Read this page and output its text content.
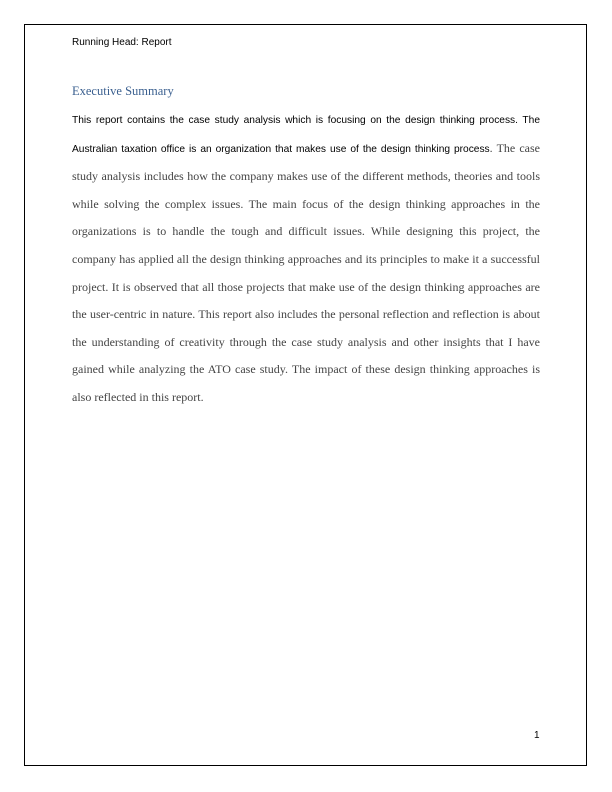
Running Head: Report
Executive Summary

This report contains the case study analysis which is focusing on the design thinking process. The Australian taxation office is an organization that makes use of the design thinking process. The case study analysis includes how the company makes use of the different methods, theories and tools while solving the complex issues. The main focus of the design thinking approaches in the organizations is to handle the tough and difficult issues. While designing this project, the company has applied all the design thinking approaches and its principles to make it a successful project. It is observed that all those projects that make use of the design thinking approaches are the user-centric in nature. This report also includes the personal reflection and reflection is about the understanding of creativity through the case study analysis and other insights that I have gained while analyzing the ATO case study. The impact of these design thinking approaches is also reflected in this report.

1
